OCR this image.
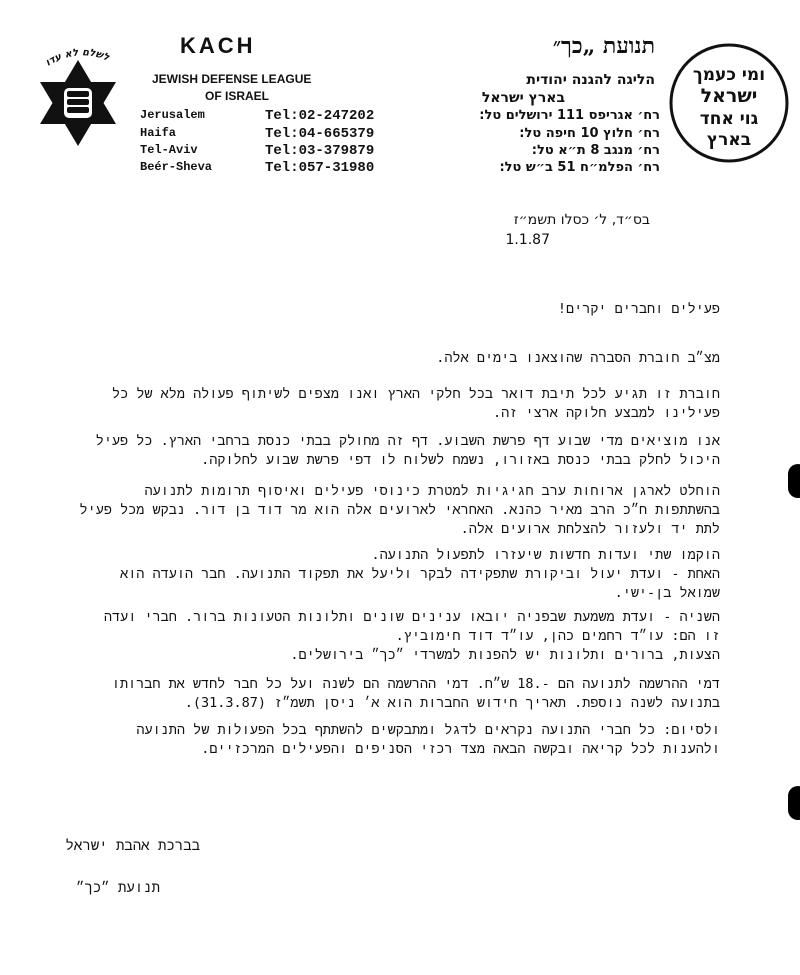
לשלם לא עדו	KACH
JEWISH DEFENSE LEAGUE
OF ISRAEL
תנועת „כך״
הליגה להגנה יהודית
בארץ ישראל
ומי כעמך
ישראל
גוי אחד
בארץ
Jerusalem	Tel:02-247202	רח׳ אגריפס 111 ירושלים טל:
Haifa	Tel:04-665379	רח׳ חלוץ 10 חיפה טל:
Tel-Aviv	Tel:03-379879	רח׳ מנגב 8 ת״א טל:
Beér-Sheva	Tel:057-31980	רח׳ הפלמ״ח 51 ב״ש טל:
בס״ד, ל׳ כסלו תשמ״ז
1.1.87
פעילים וחברים יקרים!
מצ״ב חוברת הסברה שהוצאנו בימים אלה.
חוברת זו תגיע לכל תיבת דואר בכל חלקי הארץ ואנו מצפים לשיתוף פעולה מלא של כל
פעילינו למבצע חלוקה ארצי זה.
אנו מוציאים מדי שבוע דף פרשת השבוע. דף זה מחולק בבתי כנסת ברחבי הארץ. כל פעיל
היכול לחלק בבתי כנסת באזורו, נשמח לשלוח לו דפי פרשת שבוע לחלוקה.
הוחלט לארגן ארוחות ערב חגיגיות למטרת כינוסי פעילים ואיסוף תרומות לתנועה
בהשתתפות ח״כ הרב מאיר כהנא. האחראי לארועים אלה הוא מר דוד בן דור. נבקש מכל פעיל
לתת יד ולעזור להצלחת ארועים אלה.
הוקמו שתי ועדות חדשות שיעזרו לתפעול התנועה.
האחת - ועדת יעול וביקורת שתפקידה לבקר וליעל את תפקוד התנועה. חבר הועדה הוא
שמואל בן-ישי.
השניה - ועדת משמעת שבפניה יובאו ענינים שונים ותלונות הטעונות ברור. חברי ועדה
זו הם: עו״ד רחמים כהן, עו״ד דוד חימוביץ.
הצעות, ברורים ותלונות יש להפנות למשרדי ״כך״ בירושלים.
דמי ההרשמה לתנועה הם -.18 ש״ח. דמי ההרשמה הם לשנה ועל כל חבר לחדש את חברותו
בתנועה לשנה נוספת. תאריך חידוש החברות הוא א׳ ניסן תשמ״ז (31.3.87).
ולסיום: כל חברי התנועה נקראים לדגל ומתבקשים להשתתף בכל הפעולות של התנועה
ולהענות לכל קריאה ובקשה הבאה מצד רכזי הסניפים והפעילים המרכזיים.
בברכת אהבת ישראל
תנועת ״כך״
